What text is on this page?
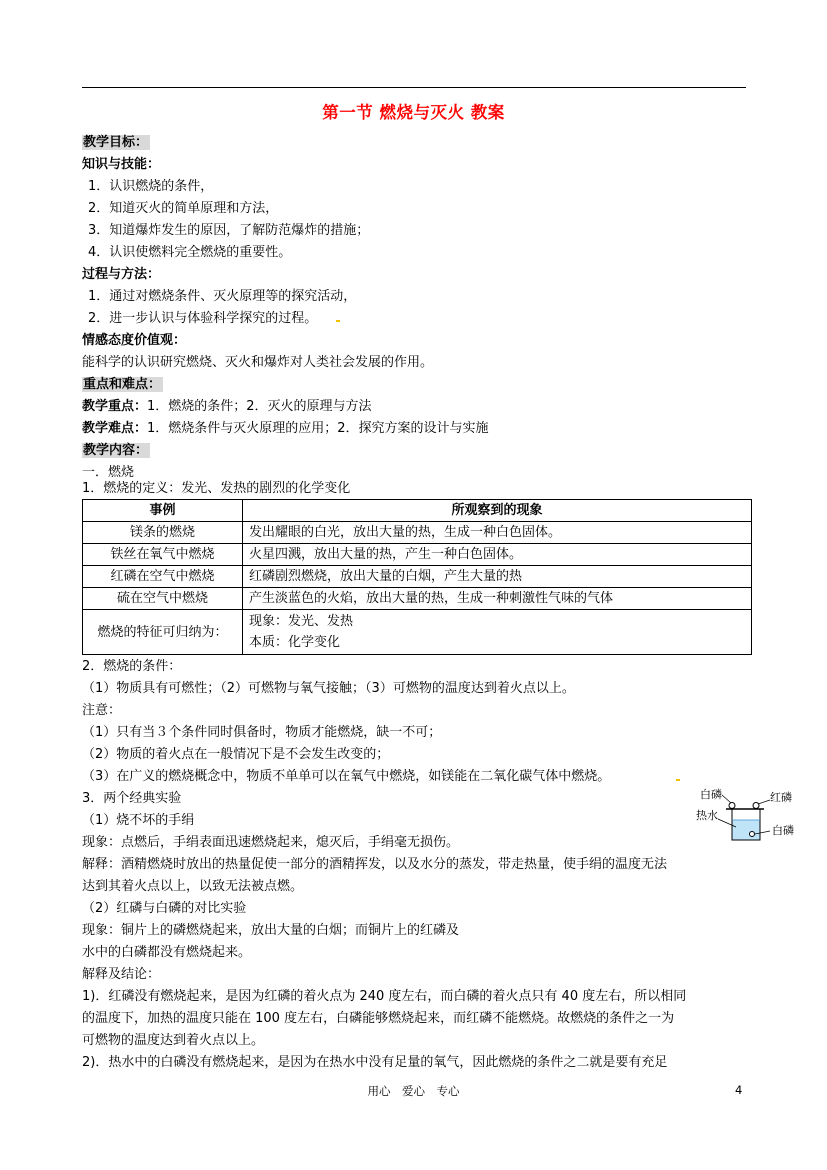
第一节 燃烧与灭火 教案
教学目标：
知识与技能：
1．认识燃烧的条件，
2．知道灭火的简单原理和方法，
3．知道爆炸发生的原因，了解防范爆炸的措施；
4．认识使燃料完全燃烧的重要性。
过程与方法：
1．通过对燃烧条件、灭火原理等的探究活动，
2．进一步认识与体验科学探究的过程。
情感态度价值观：
能科学的认识研究燃烧、灭火和爆炸对人类社会发展的作用。
重点和难点：
教学重点：1．燃烧的条件；2．灭火的原理与方法
教学难点：1．燃烧条件与灭火原理的应用；2．探究方案的设计与实施
教学内容：
一．燃烧
1．燃烧的定义：发光、发热的剧烈的化学变化
事例	所观察到的现象
镁条的燃烧	发出耀眼的白光，放出大量的热，生成一种白色固体。
铁丝在氧气中燃烧	火星四溅，放出大量的热，产生一种白色固体。
红磷在空气中燃烧	红磷剧烈燃烧，放出大量的白烟，产生大量的热
硫在空气中燃烧	产生淡蓝色的火焰，放出大量的热，生成一种刺激性气味的气体
燃烧的特征可归纳为：	现象：发光、发热
本质：化学变化
2．燃烧的条件：
（1）物质具有可燃性；（2）可燃物与氧气接触；（3）可燃物的温度达到着火点以上。
注意：
（1）只有当３个条件同时俱备时，物质才能燃烧，缺一不可；
（2）物质的着火点在一般情况下是不会发生改变的；
（3）在广义的燃烧概念中，物质不单单可以在氧气中燃烧，如镁能在二氧化碳气体中燃烧。
3．两个经典实验
（1）烧不坏的手绢
现象：点燃后，手绢表面迅速燃烧起来，熄灭后，手绢毫无损伤。
解释：酒精燃烧时放出的热量促使一部分的酒精挥发，以及水分的蒸发，带走热量，使手绢的温度无法
达到其着火点以上，以致无法被点燃。
（2）红磷与白磷的对比实验
现象：铜片上的磷燃烧起来，放出大量的白烟；而铜片上的红磷及
水中的白磷都没有燃烧起来。
解释及结论：
1)．红磷没有燃烧起来，是因为红磷的着火点为 240 度左右，而白磷的着火点只有 40 度左右，所以相同
的温度下，加热的温度只能在 100 度左右，白磷能够燃烧起来，而红磷不能燃烧。故燃烧的条件之一为
可燃物的温度达到着火点以上。
2)．热水中的白磷没有燃烧起来，是因为在热水中没有足量的氧气，因此燃烧的条件之二就是要有充足
白磷	红磷
热水
白磷
用心　爱心　专心	4
